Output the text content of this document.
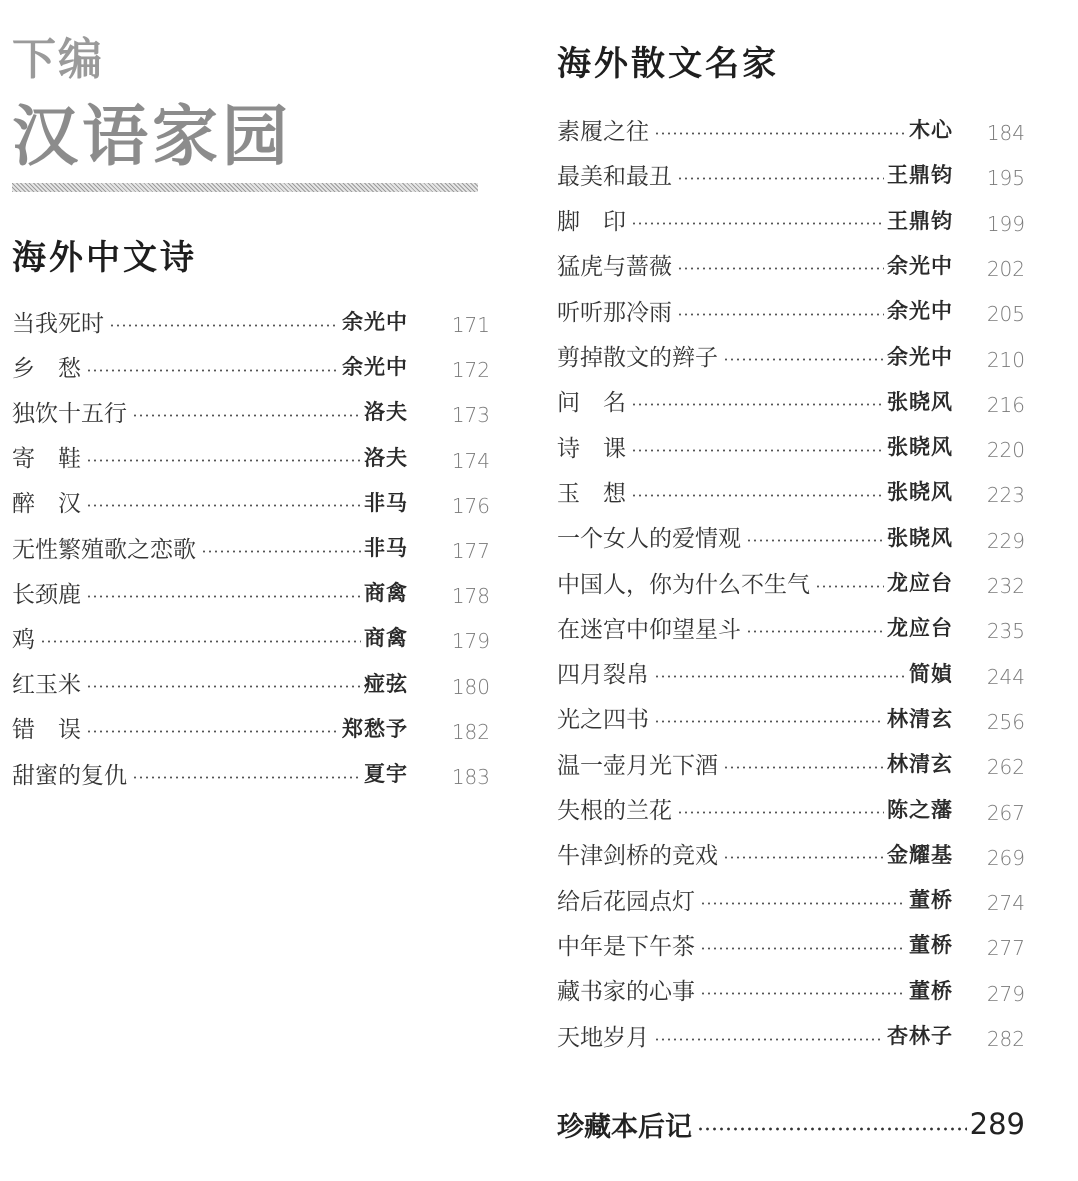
下编
汉语家园
海外中文诗
当我死时	余光中	171
乡　愁	余光中	172
独饮十五行	洛夫	173
寄　鞋	洛夫	174
醉　汉	非马	176
无性繁殖歌之恋歌	非马	177
长颈鹿	商禽	178
鸡	商禽	179
红玉米	痖弦	180
错　误	郑愁予	182
甜蜜的复仇	夏宇	183
海外散文名家
素履之往	木心	184
最美和最丑	王鼎钧	195
脚　印	王鼎钧	199
猛虎与蔷薇	余光中	202
听听那冷雨	余光中	205
剪掉散文的辫子	余光中	210
问　名	张晓风	216
诗　课	张晓风	220
玉　想	张晓风	223
一个女人的爱情观	张晓风	229
中国人，你为什么不生气	龙应台	232
在迷宫中仰望星斗	龙应台	235
四月裂帛	简媜	244
光之四书	林清玄	256
温一壶月光下酒	林清玄	262
失根的兰花	陈之藩	267
牛津剑桥的竞戏	金耀基	269
给后花园点灯	董桥	274
中年是下午茶	董桥	277
藏书家的心事	董桥	279
天地岁月	杏林子	282
珍藏本后记	289
